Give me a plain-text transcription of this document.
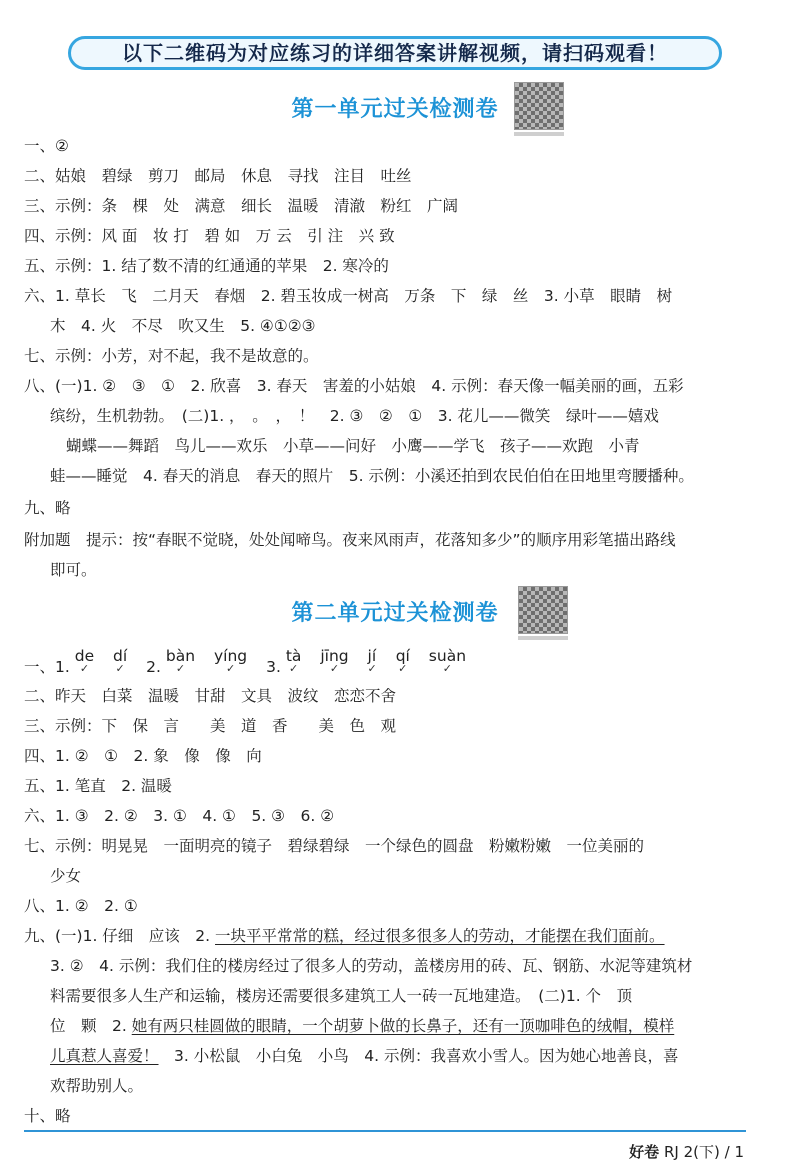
以下二维码为对应练习的详细答案讲解视频，请扫码观看！
第一单元过关检测卷
一、②
二、姑娘　碧绿　剪刀　邮局　休息　寻找　注目　吐丝
三、示例：条　棵　处　满意　细长　温暖　清澈　粉红　广阔
四、示例：风 面　妆 打　碧 如　万 云　引 注　兴 致
五、示例：1. 结了数不清的红通通的苹果　2. 寒冷的
六、1. 草长　飞　二月天　春烟　2. 碧玉妆成一树高　万条　下　绿　丝　3. 小草　眼睛　树
木　4. 火　不尽　吹又生　5. ④①②③
七、示例：小芳，对不起，我不是故意的。
八、(一)1. ②　③　①　2. 欣喜　3. 春天　害羞的小姑娘　4. 示例：春天像一幅美丽的画，五彩
缤纷，生机勃勃。　(二)1. ，　。　，　！　2. ③　②　①　3. 花儿——微笑　绿叶——嬉戏
蝴蝶——舞蹈　鸟儿——欢乐　小草——问好　小鹰——学飞　孩子——欢跑　小青
蛙——睡觉　4. 春天的消息　春天的照片　5. 示例：小溪还拍到农民伯伯在田地里弯腰播种。
九、略
附加题　提示：按“春眠不觉晓，处处闻啼鸟。夜来风雨声，花落知多少”的顺序用彩笔描出路线
即可。
第二单元过关检测卷
一、1. de
✓
dí
✓ 2. bàn
✓
yíng
✓	3. tà
✓
jīng
✓
jí
✓
qí
✓
suàn
✓
二、昨天　白菜　温暖　甘甜　文具　波纹　恋恋不舍
三、示例：下　保　言　　美　道　香　　美　色　观
四、1. ②　①　2. 象　像　像　向
五、1. 笔直　2. 温暖
六、1. ③　2. ②　3. ①　4. ①　5. ③　6. ②
七、示例：明晃晃　一面明亮的镜子　碧绿碧绿　一个绿色的圆盘　粉嫩粉嫩　一位美丽的
少女
八、1. ②　2. ①
九、(一)1. 仔细　应该　2. 一块平平常常的糕，经过很多很多人的劳动，才能摆在我们面前。
3. ②　4. 示例：我们住的楼房经过了很多人的劳动，盖楼房用的砖、瓦、钢筋、水泥等建筑材
料需要很多人生产和运输，楼房还需要很多建筑工人一砖一瓦地建造。　(二)1. 个　顶
位　颗　2. 她有两只桂圆做的眼睛，一个胡萝卜做的长鼻子，还有一顶咖啡色的绒帽，模样
儿真惹人喜爱！　3. 小松鼠　小白兔　小鸟　4. 示例：我喜欢小雪人。因为她心地善良，喜
欢帮助别人。
十、略
好卷 RJ 2(下) / 1
